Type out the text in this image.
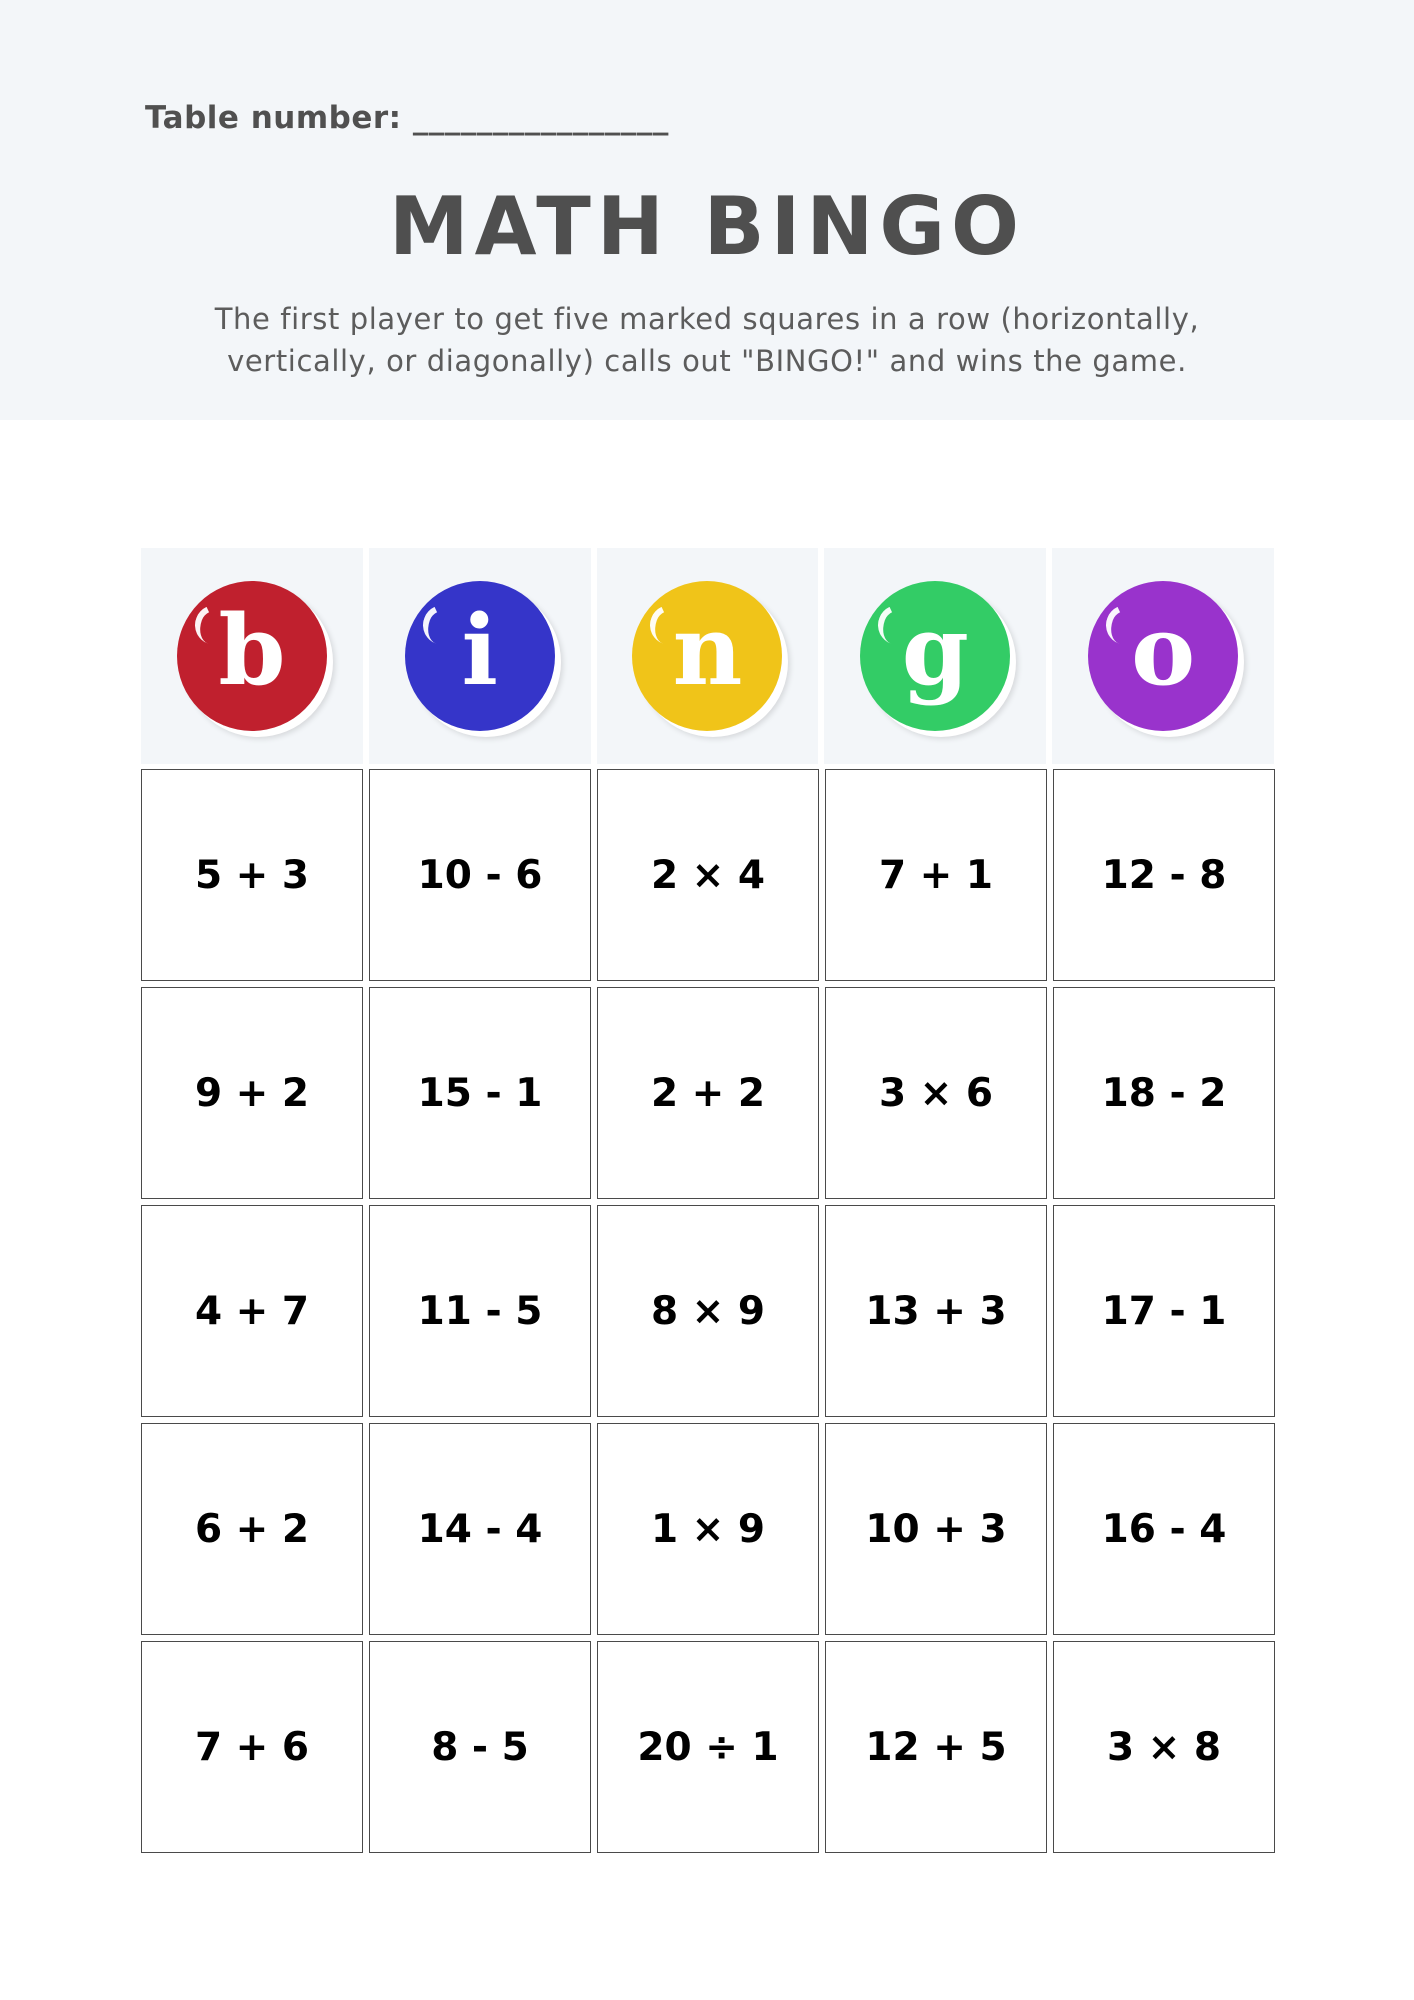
Table number: ________________
MATH BINGO
The first player to get five marked squares in a row (horizontally,
vertically, or diagonally) calls out "BINGO!" and wins the game.
b i n g o
5 + 3	10 - 6	2 × 4	7 + 1	12 - 8
9 + 2	15 - 1	2 + 2	3 × 6	18 - 2
4 + 7	11 - 5	8 × 9	13 + 3	17 - 1
6 + 2	14 - 4	1 × 9	10 + 3	16 - 4
7 + 6	8 - 5	20 ÷ 1	12 + 5	3 × 8
